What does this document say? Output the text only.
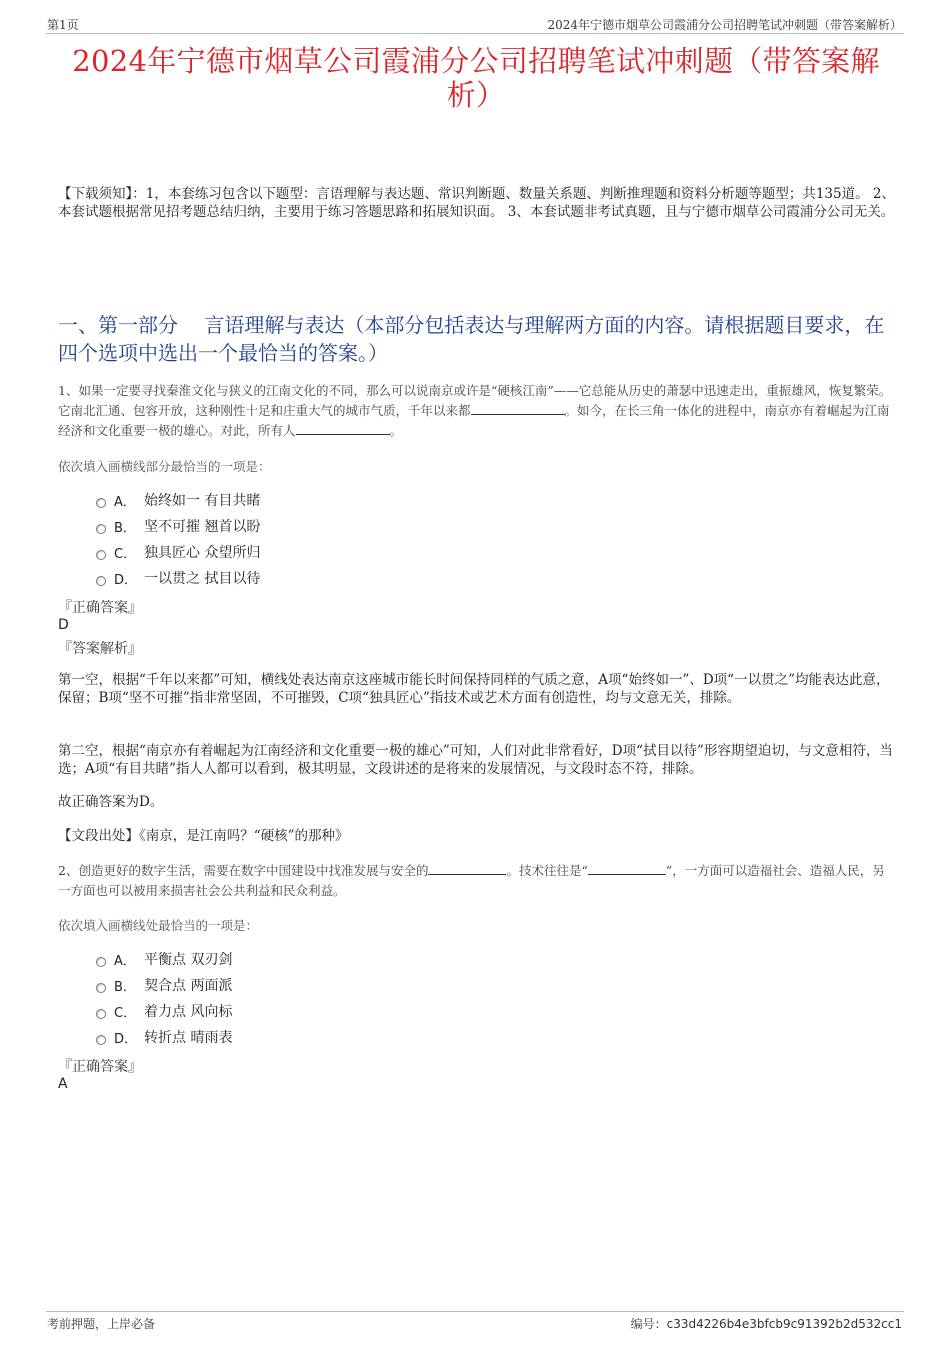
第1页	2024年宁德市烟草公司霞浦分公司招聘笔试冲刺题（带答案解析）
2024年宁德市烟草公司霞浦分公司招聘笔试冲刺题（带答案解
析）
【下载须知】：1，本套练习包含以下题型：言语理解与表达题、常识判断题、数量关系题、判断推理题和资料分析题等题型；共135道。 2、本套试题根据常见招考题总结归纳，主要用于练习答题思路和拓展知识面。 3、本套试题非考试真题，且与宁德市烟草公司霞浦分公司无关。
一、第一部分　 言语理解与表达（本部分包括表达与理解两方面的内容。请根据题目要求，在四个选项中选出一个最恰当的答案。）
1、如果一定要寻找秦淮文化与狭义的江南文化的不同，那么可以说南京或许是“硬核江南”——它总能从历史的萧瑟中迅速走出，重振雄风，恢复繁荣。它南北汇通、包容开放，这种刚性十足和庄重大气的城市气质，千年以来都	。如今，在长三角一体化的进程中，南京亦有着崛起为江南经济和文化重要一极的雄心。对此，所有人	。
依次填入画横线部分最恰当的一项是：
A． 始终如一 有目共睹
B． 坚不可摧 翘首以盼
C． 独具匠心 众望所归
D． 一以贯之 拭目以待
『正确答案』
D
『答案解析』
第一空，根据“千年以来都”可知，横线处表达南京这座城市能长时间保持同样的气质之意，A项“始终如一”、D项“一以贯之”均能表达此意，保留；B项“坚不可摧”指非常坚固，不可摧毁，C项“独具匠心”指技术或艺术方面有创造性，均与文意无关，排除。
第二空，根据“南京亦有着崛起为江南经济和文化重要一极的雄心”可知，人们对此非常看好，D项“拭目以待”形容期望迫切，与文意相符，当选；A项“有目共睹”指人人都可以看到，极其明显，文段讲述的是将来的发展情况，与文段时态不符，排除。
故正确答案为D。
【文段出处】《南京，是江南吗？“硬核”的那种》
2、创造更好的数字生活，需要在数字中国建设中找准发展与安全的	。技术往往是“	”，一方面可以造福社会、造福人民，另一方面也可以被用来损害社会公共利益和民众利益。
依次填入画横线处最恰当的一项是：
A． 平衡点 双刃剑
B． 契合点 两面派
C． 着力点 风向标
D． 转折点 晴雨表
『正确答案』
A
考前押题，上岸必备	编号：c33d4226b4e3bfcb9c91392b2d532cc1
